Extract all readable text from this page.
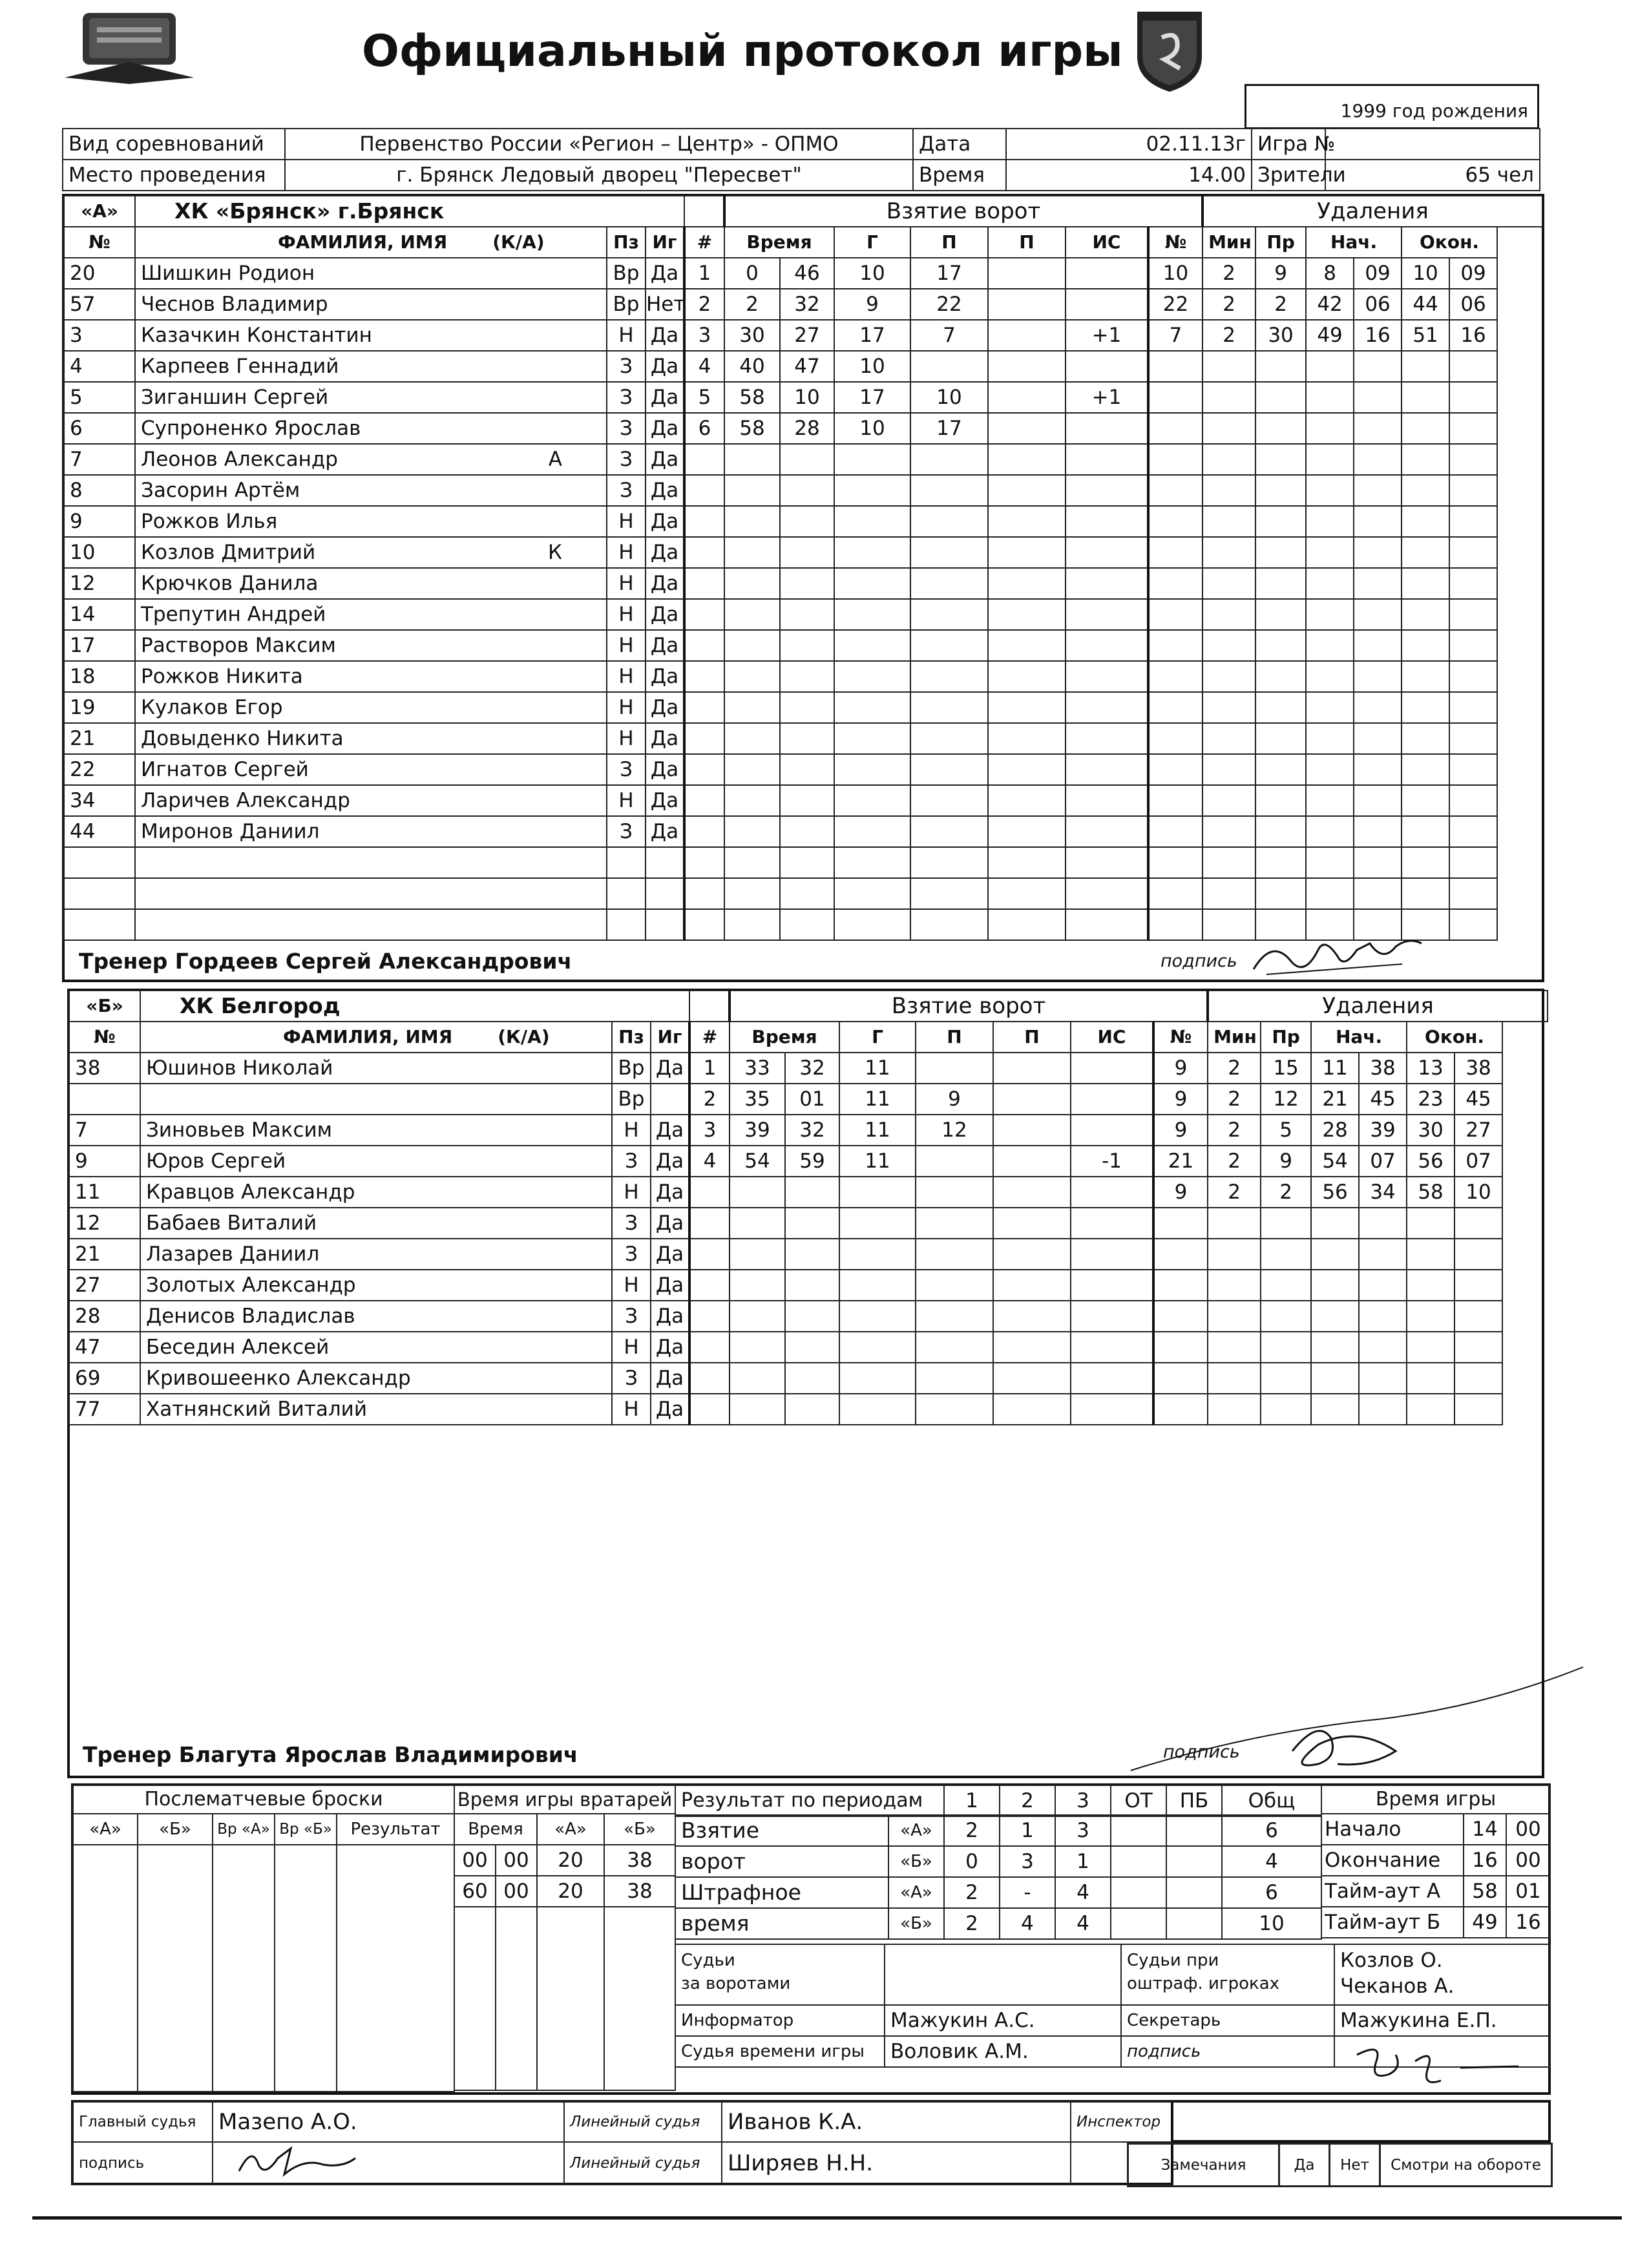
Официальный протокол игры
1999 год рождения
Вид соревнований	Первенство России «Регион – Центр» - ОПМО	Дата	02.11.13г	Игра №	
Место проведения	г. Брянск Ледовый дворец "Пересвет"	Время	14.00	Зрители	65 чел
«А»	ХК «Брянск» г.Брянск				Взятие ворот							Удаления					
№	ФАМИЛИЯ, ИМЯ (К/А)	Пз	Иг	#	Время		Г	П	П	ИС	№	Мин	Пр	Нач.		Окон.	
20	Шишкин Родион	Вр	Да	1	0	46	10	17			10	2	9	8	09	10	09
57	Чеснов Владимир	Вр	Нет	2	2	32	9	22			22	2	2	42	06	44	06
3	Казачкин Константин	Н	Да	3	30	27	17	7		+1	7	2	30	49	16	51	16
4	Карпеев Геннадий	З	Да	4	40	47	10										
5	Зиганшин Сергей	З	Да	5	58	10	17	10		+1							
6	Супроненко Ярослав	З	Да	6	58	28	10	17									
7	Леонов Александр А	З	Да														
8	Засорин Артём	З	Да														
9	Рожков Илья	Н	Да														
10	Козлов Дмитрий К	Н	Да														
12	Крючков Данила	Н	Да														
14	Трепутин Андрей	Н	Да														
17	Растворов Максим	Н	Да														
18	Рожков Никита	Н	Да														
19	Кулаков Егор	Н	Да														
21	Довыденко Никита	Н	Да														
22	Игнатов Сергей	З	Да														
34	Ларичев Александр	Н	Да														
44	Миронов Даниил	З	Да														

Тренер Гордеев Сергей Александрович	подпись
«Б»	ХК Белгород				Взятие ворот							Удаления					
№	ФАМИЛИЯ, ИМЯ (К/А)	Пз	Иг	#	Время		Г	П	П	ИС	№	Мин	Пр	Нач.		Окон.	
38	Юшинов Николай	Вр	Да	1	33	32	11				9	2	15	11	38	13	38

	Вр		2	35	01	11	9			9	2	12	21	45	23	45
7	Зиновьев Максим	Н	Да	3	39	32	11	12			9	2	5	28	39	30	27
9	Юров Сергей	З	Да	4	54	59	11			-1	21	2	9	54	07	56	07
11	Кравцов Александр	Н	Да								9	2	2	56	34	58	10
12	Бабаев Виталий	З	Да														
21	Лазарев Даниил	З	Да														
27	Золотых Александр	Н	Да														
28	Денисов Владислав	З	Да														
47	Беседин Алексей	Н	Да														
69	Кривошеенко Александр	З	Да														
77	Хатнянский Виталий	Н	Да														
Тренер Благута Ярослав Владимирович	подпись
Послематчевые броски				
«А»	«Б»	Вр «А»	Вр «Б»	Результат

Время игры вратарей			
Время		«А»	«Б»
00	00	20	38
60	00	20	38

Результат по периодам	1	2	3	ОТ	ПБ	Общ
Взятие	«А»	2	1	3			6
ворот	«Б»	0	3	1			4
Штрафное	«А»	2	-	4			6
время	«Б»	2	4	4			10
Время игры		
Начало	14	00
Окончание	16	00
Тайм-аут А	58	01
Тайм-аут Б	49	16
Судьи
за воротами		Судьи при
оштраф. игроках	Козлов О.
Чеканов А.
Информатор	Мажукин А.С.	Секретарь	Мажукина Е.П.
Судья времени игры	Воловик А.М.	подпись	
Главный судья	Мазепо А.О.	Линейный судья	Иванов К.А.	Инспектор
подпись		Линейный судья	Ширяев Н.Н.		Замечания	Да	Нет	Смотри на обороте
